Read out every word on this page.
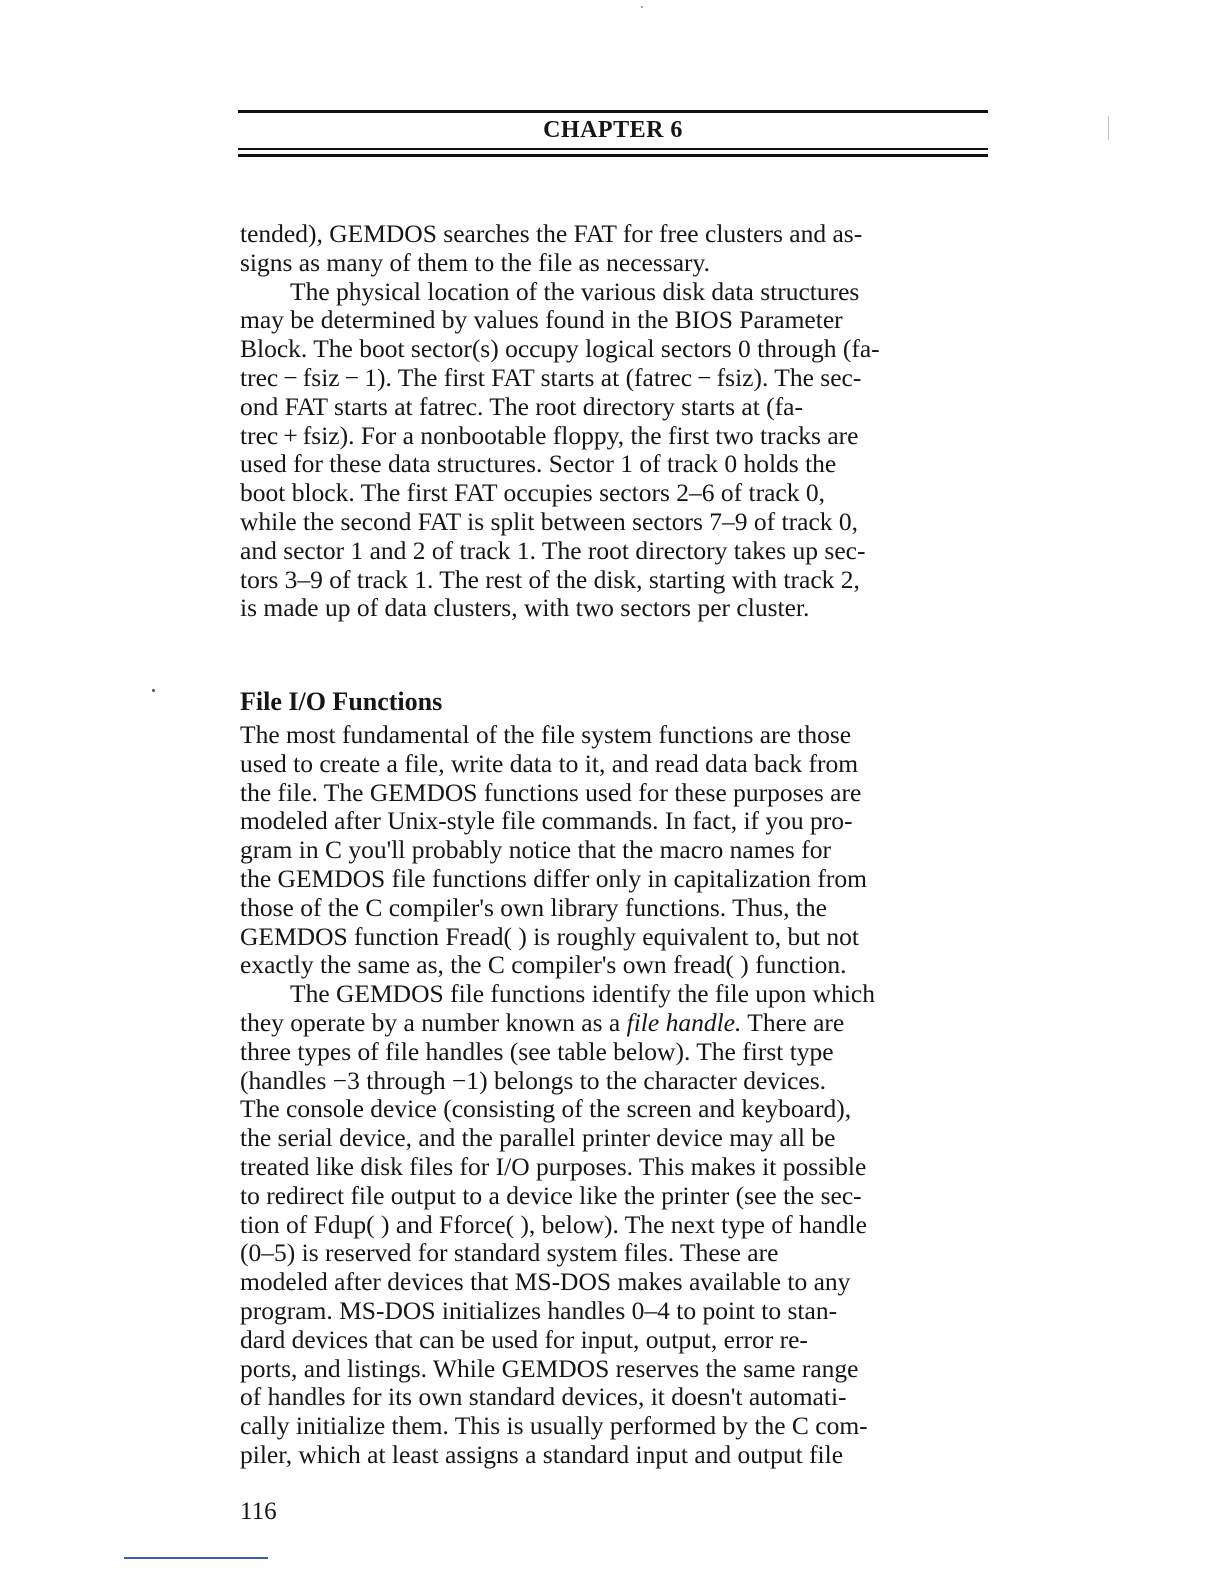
CHAPTER 6
tended), GEMDOS searches the FAT for free clusters and as-
signs as many of them to the file as necessary.
The physical location of the various disk data structures
may be determined by values found in the BIOS Parameter
Block. The boot sector(s) occupy logical sectors 0 through (fa-
trec − fsiz − 1). The first FAT starts at (fatrec − fsiz). The sec-
ond FAT starts at fatrec. The root directory starts at (fa-
trec + fsiz). For a nonbootable floppy, the first two tracks are
used for these data structures. Sector 1 of track 0 holds the
boot block. The first FAT occupies sectors 2–6 of track 0,
while the second FAT is split between sectors 7–9 of track 0,
and sector 1 and 2 of track 1. The root directory takes up sec-
tors 3–9 of track 1. The rest of the disk, starting with track 2,
is made up of data clusters, with two sectors per cluster.
File I/O Functions
The most fundamental of the file system functions are those
used to create a file, write data to it, and read data back from
the file. The GEMDOS functions used for these purposes are
modeled after Unix-style file commands. In fact, if you pro-
gram in C you'll probably notice that the macro names for
the GEMDOS file functions differ only in capitalization from
those of the C compiler's own library functions. Thus, the
GEMDOS function Fread( ) is roughly equivalent to, but not
exactly the same as, the C compiler's own fread( ) function.
The GEMDOS file functions identify the file upon which
they operate by a number known as a file handle. There are
three types of file handles (see table below). The first type
(handles −3 through −1) belongs to the character devices.
The console device (consisting of the screen and keyboard),
the serial device, and the parallel printer device may all be
treated like disk files for I/O purposes. This makes it possible
to redirect file output to a device like the printer (see the sec-
tion of Fdup( ) and Fforce( ), below). The next type of handle
(0–5) is reserved for standard system files. These are
modeled after devices that MS-DOS makes available to any
program. MS-DOS initializes handles 0–4 to point to stan-
dard devices that can be used for input, output, error re-
ports, and listings. While GEMDOS reserves the same range
of handles for its own standard devices, it doesn't automati-
cally initialize them. This is usually performed by the C com-
piler, which at least assigns a standard input and output file
116
